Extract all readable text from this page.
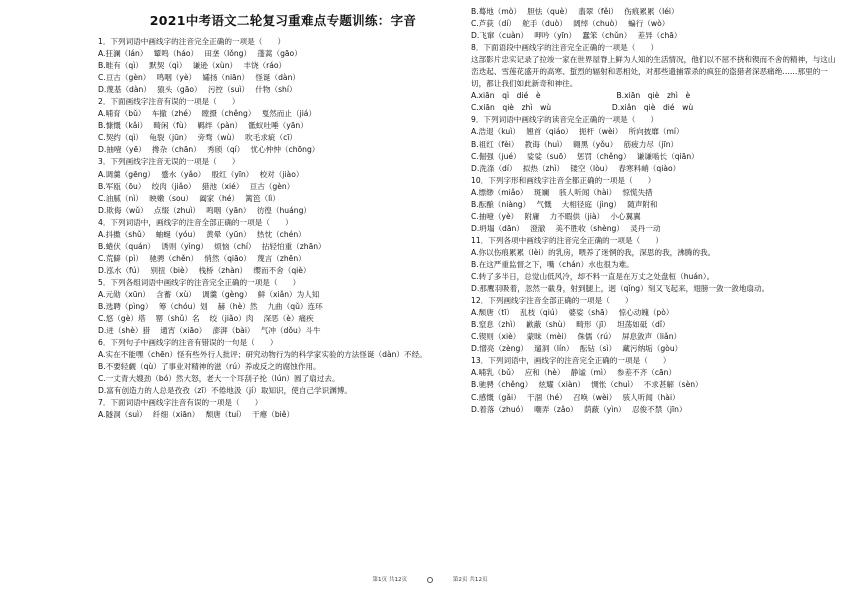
2021中考语文二轮复习重难点专题训练：字音
1．下列词语中画线字的注音完全正确的一项是（　　）
A.狂澜（lán）　 颦鸣（háo）　 田垄（lǒng）　 蓬蒿（gāo）
B.畦有（qì）　 默契（qì）　 谦逊（xùn）　 丰饶（ráo）
C.亘古（gèn）　 鸣咽（yè）　 孀扬（niān）　 怪诞（dàn）
D.蔑基（dàn）　 猿头（gāo）　 污控（suì）　 什物（shí）
2．下面画线字注音有误的一项是（　　）
A.哺育（bǔ）　 车撤（zhé）　 瞠摄（chěng）　 戛然而止（jiá）
B.慷慨（kǎi）　 畸闲（fù）　 羁绊（pàn）　 骶蚁吐唾（yān）
C.契约（qì）　 龟裂（jūn）　 旁骛（wù）　 吹毛求疵（cī）
D.抽噎（yē）　 搀杂（chān）　 秀颀（qí）　 忧心忡忡（chōng）
3．下列画线字注音无误的一项是（　　）
A.调羹（gēng）　 蹙水（yǎo）　 殷红（yīn）　 校对（jiào）
B.军瓯（ōu）　 绞肉（jiǎo）　 猎池（xié）　 亘古（gèn）
C.油腻（nì）　 映嫩（sou）　 阖家（hé）　 篱笆（lì）
D.欺侮（wǔ）　 点缀（zhuì）　 鸣咽（yān）　 彷徨（huáng）
4．下列词语中，画线字的注音全部正确的一项是（　　）
A.抖擞（shǔ）　 蚰蜒（yóu）　 黄晕（yūn）　 热忱（chén）
B.蜷伏（quán）　 诱则（yìng）　 烦恼（chí）　 拈轻怕重（zhān）
C.荒僻（pì）　 驰骋（chěn）　 悄然（qiāo）　 蔑言（zhēn）
D.泓水（fú）　 别扭（biè）　 栈桥（zhàn）　 缨而不舍（qiè）
5．下列各组词语中画线字的注音完全正确的一项是（　　）
A.元勋（xūn）　 含蓄（xù）　 调羹（gèng）　 鲜（xiǎn）为人知
B.选聘（pìng）　 筹（chóu）划　 赫（hè）然　 九曲（qǔ）连环
C.悠（gè）塔　 罂（shǔ）名　 绞（jiǎo）肉　 深恶（è）痛疾
D.迸（shè）猎　 通宵（xiāo）　 澎湃（bài）　 气冲（dǒu）斗牛
6．下列句子中画线字的注音有错误的一句是（　　）
A.实在不能嘿（chēn）怪有些外行人批评；研究动物行为的科学家实验的方法怪诞（dàn）不经。
B.不要轻觑（qù）了事业对精神的滋（rú）养或反之的腐蚀作用。
C.一丈青大嫂劲（bó）然大怒，老大一个耳刮子抡（lún）圆了扇过去。
D.富有创造力的人总是孜孜（zī）不倦地汲（jí）取知识，使自己学识渊博。
7．下面词语中画线字注音有误的一项是（　　）
A.隧洞（suì）　 纤细（xiān）　 颓唐（tuí）　 干瘪（biě）
B.蓦地（mò）　 胆怯（què）　 翡翠（fěi）　 伤痕累累（léi）
C.芦荻（dí）　 舵手（duò）　 阔绰（chuò）　 蝙行（wò）
D.飞窜（cuàn）　 呷吟（yīn）　 蠢笨（chǔn）　 差异（chā）
8．下面语段中画线字的注音完全正确的一项是（　　）
这部影片忠实记录了拉竣一家在世界屋脊上鲜为人知的生活情况，他们以不屈不挠和锲而不舍的精神，与这山峦迭起、雪莲花盛开的高寒、蜇烈的辐射和恶相处，对那些遗捕霏杀的疯狂的盗猎者深恶痛绝……那里的一切，都让我们如此新奇和神往。
A.xiān　qì　dié　è　　　　　　　　　　B.xiān　qiè　zhì　è
C.xiān　qiè　zhì　wù　　　　　　　　D.xiǎn　qiè　dié　wù
9．下列词语中画线字的读音完全正确的一项是（　　）
A.浩退（kuì）　 翘首（qiáo）　 扼杆（wèi）　 所向披靡（mí）
B.祖红（fèi）　 教诲（huì）　 翱黑（yǒu）　 筋疲力尽（jīn）
C.倔强（jué）　 娑娑（suō）　 惩罚（chěng）　 谦谦啮长（qiān）
D.洗涤（dí）　 拟热（zhì）　 镂空（lòu）　 春寒料峭（qiào）
10．下列字形和画线字注音全都正确的一项是（　　）
A.缥缈（miǎo）　 斑斓　 骇人听闻（hài）　 惊慌失措
B.酝酿（niàng）　 气慨　 大相径庭（jìng）　 随声附和
C.抽噎（yè）　 附庸　 力不暇供（jià）　 小心翼翼
D.坍塌（dān）　 澄澈　 美不胜收（shèng）　 灵丹一动
11．下列各项中画线字的注音完全正确的一项是（　　）
A.你以伤痕累累（lèi）的乳房，喂养了迷惘的我，深思的我，沸腾的我。
B.在这严重监督之下，嘴（chán）水也很为难。
C.转了多半日，总觉山低风冷，却不料一直是在万丈之处盘桓（huán）。
D.那鹰羽吸着，忽然一截身，射到腿上，迥（qǐng）刻又飞起来，翅膀一敛一敛地扇动。
12．下列画线字注音全部正确的一项是（　　）
A.颓唐（tī）　 乱枝（qiú）　 婆娑（shā）　 惊心动魄（pò）
B.窒息（zhì）　 歉蔽（shù）　 畸形（jī）　 坦荡如砥（dǐ）
C.锲则（xiè）　 蒙昧（mèi）　 侏儒（rú）　 屏息敛声（liǎn）
D.憎亮（zèng）　 遛洞（lín）　 酝钻（sì）　 藏污纳垢（gòu）
13．下列词语中，画线字的注音完全正确的一项是（　　）
A.哺乳（bǔ）　 应和（hè）　 静谧（mì）　 参差不齐（cān）
B.驰骋（chěng）　 炫耀（xiàn）　 惆怅（chuì）　 不求甚解（sèn）
C.感慨（gǎi）　 干涸（hé）　 召唤（wèi）　 骇人听闻（hài）
D.着落（zhuó）　 嘲弄（zǎo）　 荫蔽（yìn）　 忍俊不禁（jīn）
第1页 共12页	第2页 共12页
